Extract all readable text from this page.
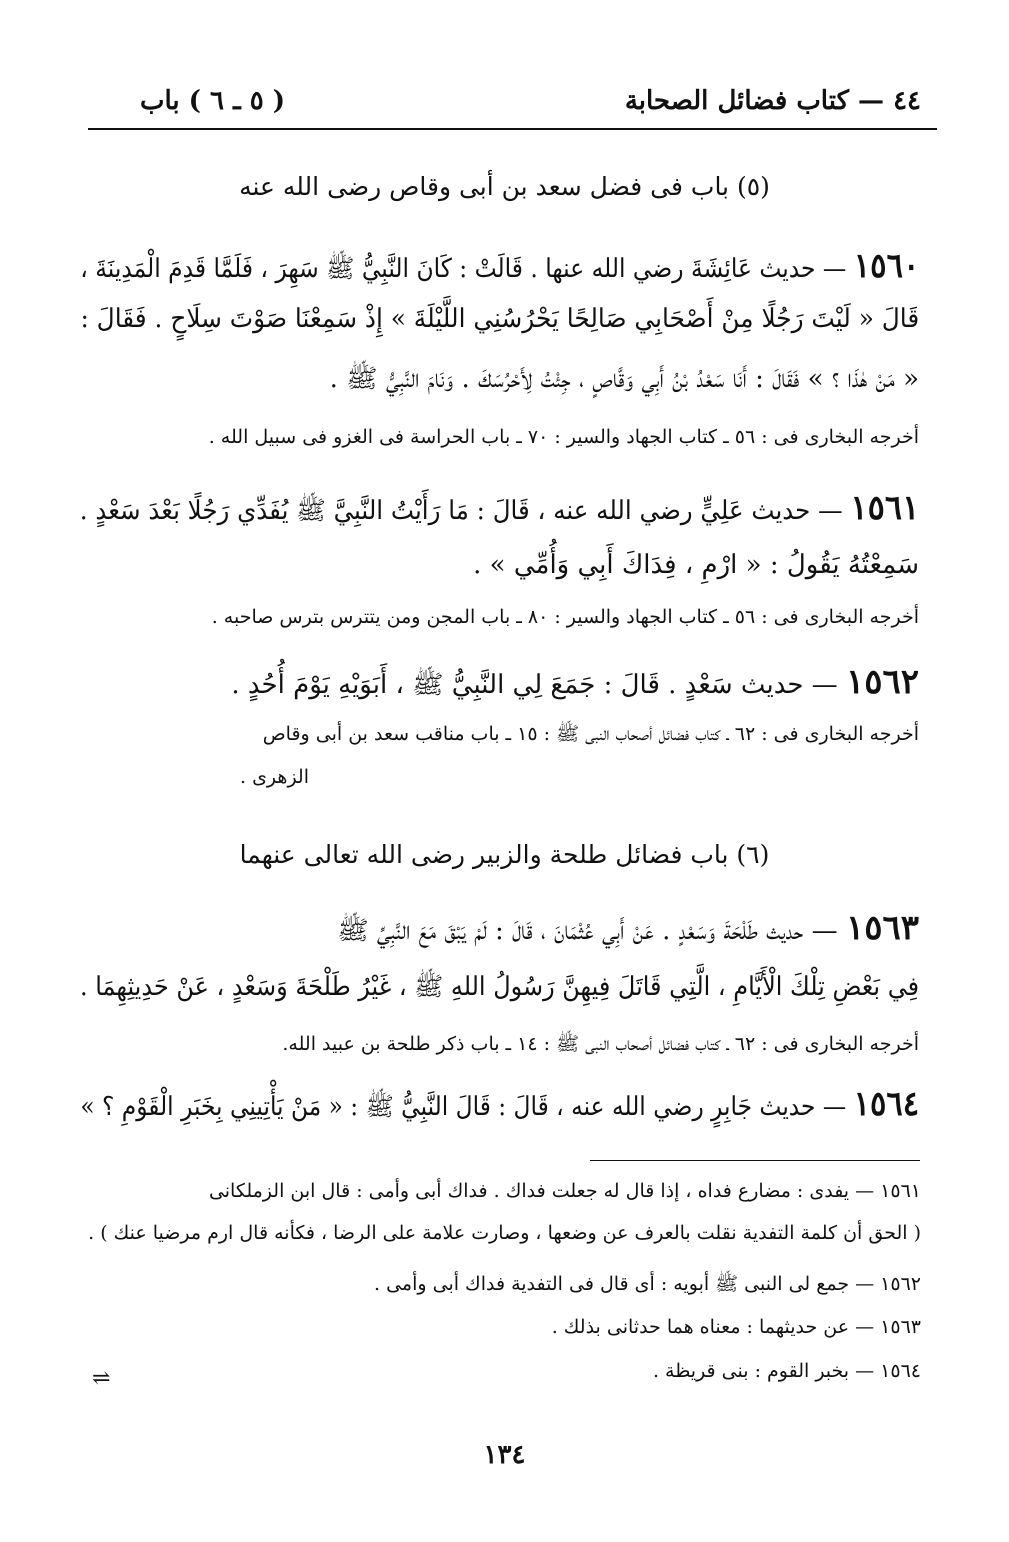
٤٤ — كتاب فضائل الصحابة
( ٥ ـ ٦ ) باب
(٥) باب فى فضل سعد بن أبى وقاص رضى الله عنه
١٥٦٠ — حديث عَائِشَةَ رضي الله عنها . قَالَتْ : كَانَ النَّبِيُّ ﷺ سَهِرَ ، فَلَمَّا قَدِمَ الْمَدِينَةَ ،
قَالَ « لَيْتَ رَجُلًا مِنْ أَصْحَابِي صَالِحًا يَحْرُسُنِي اللَّيْلَةَ » إِذْ سَمِعْنَا صَوْتَ سِلَاحٍ . فَقَالَ :
« مَنْ هٰذَا ؟ » فَقَالَ : أَنَا سَعْدُ بْنُ أَبِي وَقَّاصٍ ، جِئْتُ لِأَحْرُسَكَ . وَنَامَ النَّبِيُّ ﷺ .
أخرجه البخارى فى : ٥٦ ـ كتاب الجهاد والسير : ٧٠ ـ باب الحراسة فى الغزو فى سبيل الله .
١٥٦١ — حديث عَلِيٍّ رضي الله عنه ، قَالَ : مَا رَأَيْتُ النَّبِيَّ ﷺ يُفَدِّي رَجُلًا بَعْدَ سَعْدٍ .
سَمِعْتُهُ يَقُولُ : « ارْمِ ، فِدَاكَ أَبِي وَأُمِّي » .
أخرجه البخارى فى : ٥٦ ـ كتاب الجهاد والسير : ٨٠ ـ باب المجن ومن يتترس بترس صاحبه .
١٥٦٢ — حديث سَعْدٍ . قَالَ : جَمَعَ لِي النَّبِيُّ ﷺ ، أَبَوَيْهِ يَوْمَ أُحُدٍ .
أخرجه البخارى فى : ٦٢ ـ كتاب فضائل أصحاب النبى ﷺ : ١٥ ـ باب مناقب سعد بن أبى وقاص
الزهرى .
(٦) باب فضائل طلحة والزبير رضى الله تعالى عنهما
١٥٦٣ — حديث طَلْحَةَ وَسَعْدٍ . عَنْ أَبِي عُثْمَانَ ، قَالَ : لَمْ يَبْقَ مَعَ النَّبِيِّ ﷺ
فِي بَعْضِ تِلْكَ الْأَيَّامِ ، الَّتِي قَاتَلَ فِيهِنَّ رَسُولُ اللهِ ﷺ ، غَيْرُ طَلْحَةَ وَسَعْدٍ ، عَنْ حَدِيثِهِمَا .
أخرجه البخارى فى : ٦٢ ـ كتاب فضائل أصحاب النبى ﷺ : ١٤ ـ باب ذكر طلحة بن عبيد الله.
١٥٦٤ — حديث جَابِرٍ رضي الله عنه ، قَالَ : قَالَ النَّبِيُّ ﷺ : « مَنْ يَأْتِينِي بِخَبَرِ الْقَوْمِ ؟ »
١٥٦١ — يفدى : مضارع فداه ، إذا قال له جعلت فداك . فداك أبى وأمى : قال ابن الزملكانى
( الحق أن كلمة التفدية نقلت بالعرف عن وضعها ، وصارت علامة على الرضا ، فكأنه قال ارم مرضيا عنك ) .
١٥٦٢ — جمع لى النبى ﷺ أبويه : أى قال فى التفدية فداك أبى وأمى .
١٥٦٣ — عن حديثهما : معناه هما حدثانى بذلك .
١٥٦٤ — بخبر القوم : بنى قريظة .
⇌
١٣٤
